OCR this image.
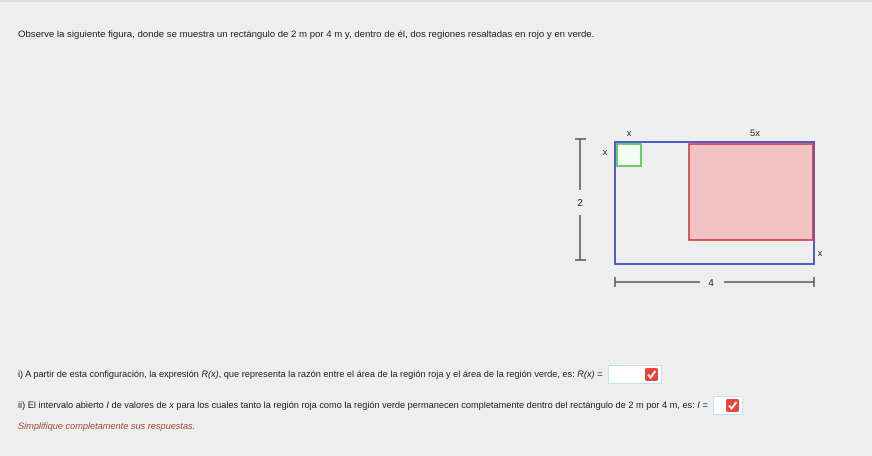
Observe la siguiente figura, donde se muestra un rectángulo de 2 m por 4 m y, dentro de él, dos regiones resaltadas en rojo y en verde.
2
x
x
5x
x
4
i) A partir de esta configuración, la expresión R(x), que representa la razón entre el área de la región roja y el área de la región verde, es: R(x) =
ii) El intervalo abierto I de valores de x para los cuales tanto la región roja como la región verde permanecen completamente dentro del rectángulo de 2 m por 4 m, es: I =
Simplifique completamente sus respuestas.
